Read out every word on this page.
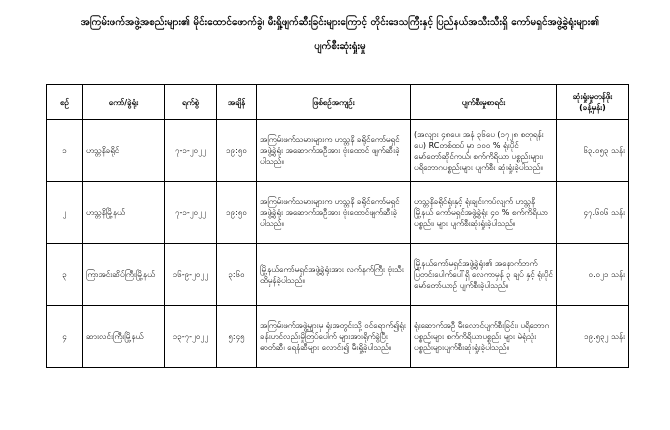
အကြမ်းဖက်အဖွဲ့အစည်းများ၏ မိုင်းထောင်ဖောက်ခွဲ၊ မီးရှို့ဖျက်ဆီးခြင်းများကြောင့် တိုင်းဒေသကြီးနှင့် ပြည်နယ်အသီးသီးရှိ ကော်မရှင်အဖွဲ့ခွဲရုံးများ၏
ပျက်စီးဆုံးရှုံးမှု
စဉ်	ကော်/ခွဲရုံး	ရက်စွဲ	အချိန်	ဖြစ်စဉ်အကျဉ်း	ပျက်စီးမှုစာရင်း	ဆုံးရှုံးမှုတန်ဖိုး (ခန့်မှန်း)
၁	ဟသ္တနိခရိုင်	၇-၁-၂၀၂၂	၁၉:၅၀	အကြမ်းဖက်သမားများက ဟသ္တနိ ခရိုင်ကော်မရှင်အဖွဲ့ခွဲရုံး အဆောက်အဦအား ဗုံးထောင် ဖျက်ဆီးခဲ့ပါသည်။	(အလျား ၄၈ပေ၊ အနံ ၃၆ပေ (၁၇၂၈ စတုရန်းပေ) RCတစ်ထပ် မှာ ၁၀၀ % ရုံးပိုင် မော်တော်ဆိုင်ကယ်၊ စက်ကိရိယာ ပစ္စည်းများ၊ ပရိဘောဂပစ္စည်းများ ပျက်စီး ဆုံးရှုံးခဲ့ပါသည်။	၆၃.၀၅၃ သန်း
၂	ဟသ္တနိမြို့နယ်	၇-၁-၂၀၂၂	၁၉:၅၀	အကြမ်းဖက်သမားများက ဟသ္တနိ ခရိုင်ကော်မရှင်အဖွဲ့ခွဲရုံး အဆောက်အဦအား ဗုံးထောင်ဖျက်ဆီးခဲ့ပါသည်။	ဟသ္တနိခရိုင်ရုံးနှင့် ရုံးချင်းကပ်လျက် ဟသ္တနိ မြို့နယ် ကော်မရှင်အဖွဲ့ခွဲရုံး ၄၀ % စက်ကိရိယာပစ္စည်း၊ များ ပျက်စီးဆုံးရှုံးခဲ့ပါသည်။	၄၇.၆၀၆ သန်း
၃	ကြာအင်းဆိပ်ကြီးမြို့နယ်	၁၆-၉-၂၀၂၂	၃:၆၀	မြို့နယ်ကော်မရှင်အဖွဲ့ခွဲရုံးအား လက်နက်ကြီး ဗုံးသီးထိမှန်ခဲ့ပါသည်။	မြို့နယ်ကော်မရှင်အဖွဲ့ခွဲရုံး၏ အနောက်ဘက် ပြတင်းပေါက်ပေါ်ရှိ လေကာမှန် ၃ ချပ် နှင့် ရုံးပိုင် မော်တော်ယာဉ် ပျက်စီးခဲ့ပါသည်။	၀.၀၂၁ သန်း
၄	ဆားလင်းကြီးမြို့နယ်	၁၃-၇-၂၀၂၂	၅:၄၅	အကြမ်းဖက်အဖွဲ့များမှ ရုံးအတွင်းသို့ ဝင်ရောက်၍ရုံးခန်းဟင်လည်းမှိုတြပ်ပေါက် များအားရိုက်ခွဲပြီး ဓာတ်ဆီ၊ ရေနံဆီများ လောင်း၍ မီးရှို့ခဲ့ပါသည်။	ရုံးဆောက်အဦ မီးလောင်ပျက်စီးခြင်း၊ ပရိဘောဂပစ္စည်းများ စက်ကိရိယာပစ္စည်း များ မဲရုံသုံးပစ္စည်းများပျက်စီးဆုံးရှုံးခဲ့ပါသည်။	၁၉.၅၃၂ သန်း
